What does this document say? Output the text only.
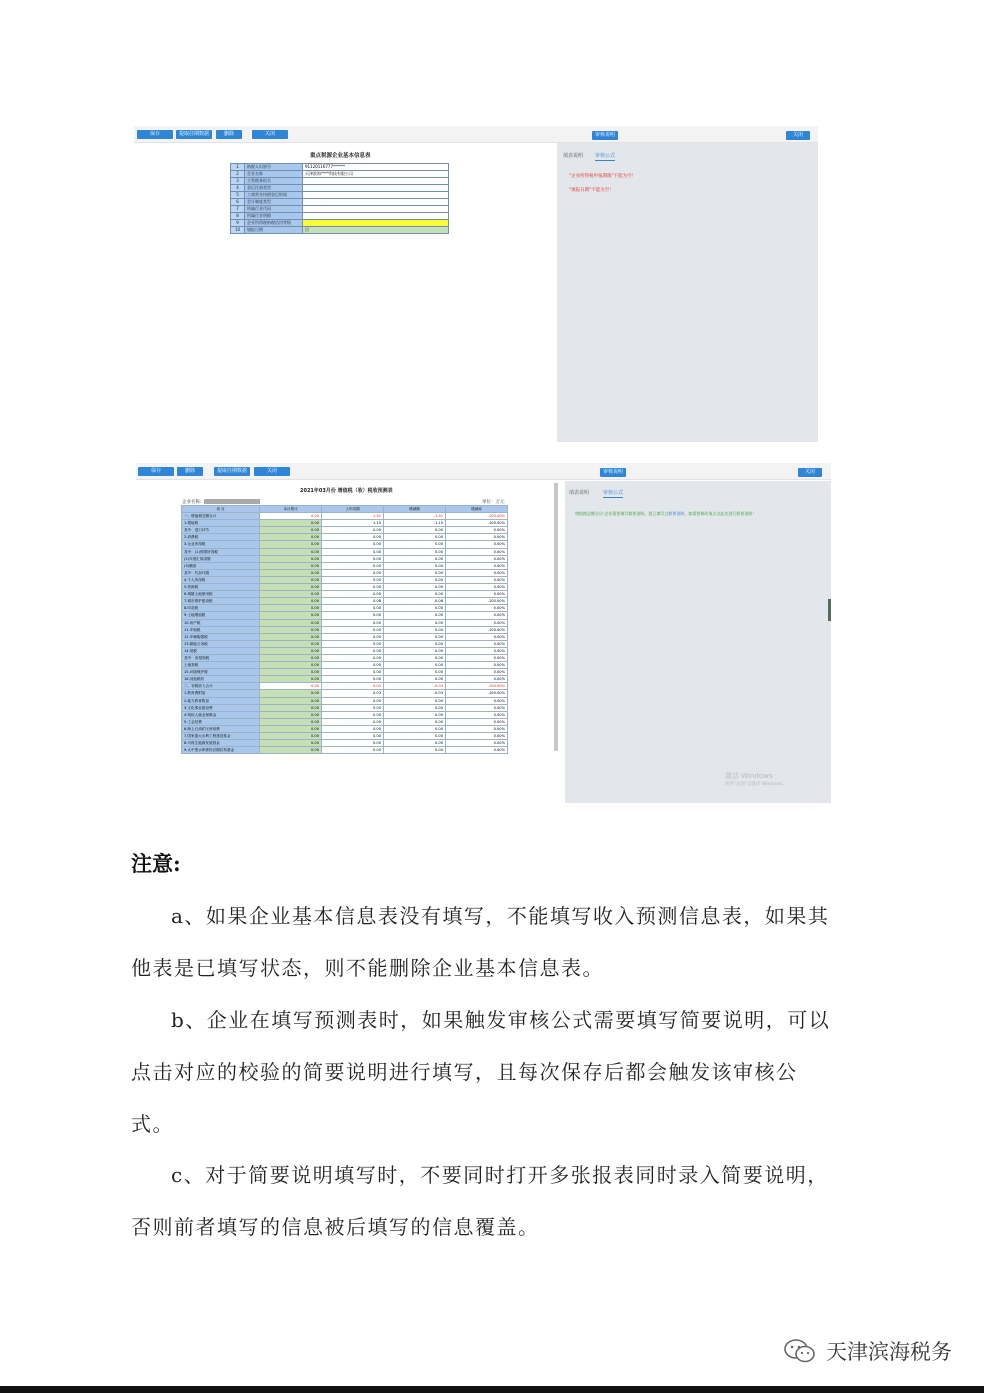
保存	提取往期数据	删除	关闭	审核说明	关闭
重点税源企业基本信息表
1	纳税人识别号	91120116777******
2	企业名称	天津滨海****科技有限公司
3	主管税务机关	
4	登记注册类型	
5	工商营业执照登记时间	
6	会计制度类型	
7	所属行业代码	
8	所属行业明细	
9	企业所得税纳税信用等级	
10	填报日期	日
填表说明 审核公式
"企业所得税申报期限"不能为空！
"填报日期"不能为空！
保存	删除	提取往期数据	关闭	审核说明	关闭
2021年03月份 增值税（收）税收预测表
企业名称:	单位：万元
项 目	本月预计	上年同期	增减额	增减率
一、增值税总额合计	0.00	1.31	-1.31	-100.00%
1.增值税	0.00	1.15	-1.15	-100.00%
其中：进口环节	0.00	0.00	0.00	0.00%
2.消费税	0.00	0.00	0.00	0.00%
3.企业所得税	0.00	0.00	0.00	0.00%
其中：(1)预缴所得税	0.00	0.00	0.00	0.00%
(2)年度汇算清缴	0.00	0.00	0.00	0.00%
(3)稽查	0.00	0.00	0.00	0.00%
其中：代扣代缴	0.00	0.00	0.00	0.00%
4.个人所得税	0.00	0.00	0.00	0.00%
5.资源税	0.00	0.00	0.00	0.00%
6.城镇土地使用税	0.00	0.00	0.00	0.00%
7.城市维护建设税	0.00	0.08	-0.08	-100.00%
8.印花税	0.00	0.00	0.00	0.00%
9.土地增值税	0.00	0.00	0.00	0.00%
10.房产税	0.00	0.00	0.00	0.00%
11.车船税	0.00	0.00	0.00	-100.00%
12.车辆购置税	0.00	0.00	0.00	0.00%
13.耕地占用税	0.00	0.00	0.00	0.00%
14.契税	0.00	0.00	0.00	0.00%
其中：房屋契税	0.00	0.00	0.00	0.00%
土地契税	0.00	0.00	0.00	0.00%
15.环境保护税	0.00	0.00	0.00	0.00%
16.其他税收	0.00	0.00	0.00	0.00%
二、非税收入合计	0.00	0.03	-0.03	-100.00%
1.教育费附加	0.00	0.03	-0.03	-100.00%
2.地方教育附加	0.00	0.00	0.00	0.00%
3.文化事业建设费	0.00	0.00	0.00	0.00%
4.残疾人就业保障金	0.00	0.00	0.00	0.00%
5.工会经费	0.00	0.00	0.00	0.00%
6.海上石油矿区使用费	0.00	0.00	0.00	0.00%
7.国家重大水利工程建设基金	0.00	0.00	0.00	0.00%
8.可再生能源发展基金	0.00	0.00	0.00	0.00%
9.大中型水库移民后期扶持基金	0.00	0.00	0.00	0.00%
填表说明	审核公式
增值税总额合计:企业需要填写简要说明。您已填写过简要说明，如需要修改请点击此处进行简要说明！
激活 Windows
转到"设置"以激活 Windows。
注意:
a、如果企业基本信息表没有填写，不能填写收入预测信息表，如果其他表是已填写状态，则不能删除企业基本信息表。
b、企业在填写预测表时，如果触发审核公式需要填写简要说明，可以点击对应的校验的简要说明进行填写，且每次保存后都会触发该审核公式。
c、对于简要说明填写时，不要同时打开多张报表同时录入简要说明，否则前者填写的信息被后填写的信息覆盖。
天津滨海税务
